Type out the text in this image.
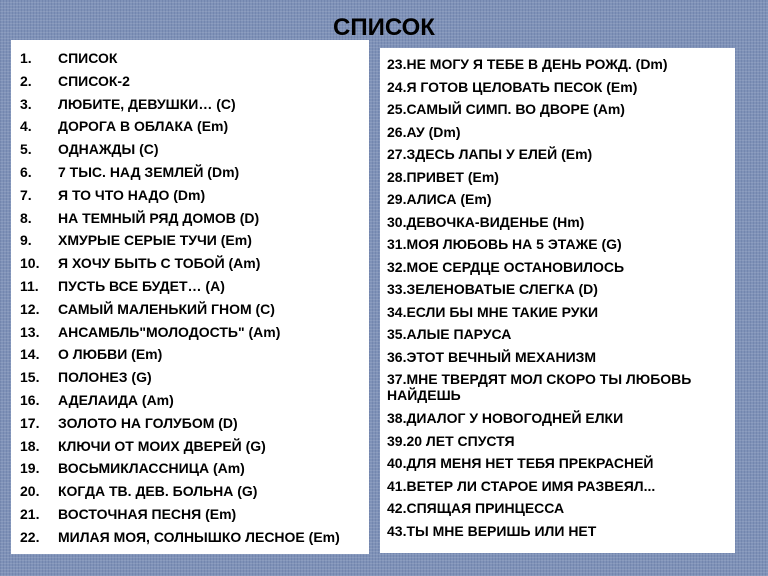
СПИСОК
1.	СПИСОК
2.	СПИСОК-2
3.	ЛЮБИТЕ, ДЕВУШКИ… (C)
4.	ДОРОГА В ОБЛАКА (Em)
5.	ОДНАЖДЫ (C)
6.	7 ТЫС. НАД ЗЕМЛЕЙ (Dm)
7.	Я ТО ЧТО НАДО (Dm)
8.	НА ТЕМНЫЙ РЯД ДОМОВ (D)
9.	ХМУРЫЕ СЕРЫЕ ТУЧИ (Em)
10.	Я ХОЧУ БЫТЬ С ТОБОЙ (Am)
11.	ПУСТЬ ВСЕ БУДЕТ… (A)
12.	САМЫЙ МАЛЕНЬКИЙ ГНОМ (C)
13.	АНСАМБЛЬ"МОЛОДОСТЬ" (Am)
14.	О ЛЮБВИ (Em)
15.	ПОЛОНЕЗ (G)
16.	АДЕЛАИДА (Am)
17.	ЗОЛОТО НА ГОЛУБОМ (D)
18.	КЛЮЧИ ОТ МОИХ ДВЕРЕЙ (G)
19.	ВОСЬМИКЛАССНИЦА (Am)
20.	КОГДА ТВ. ДЕВ. БОЛЬНА (G)
21.	ВОСТОЧНАЯ ПЕСНЯ (Em)
22.	МИЛАЯ МОЯ, СОЛНЫШКО ЛЕСНОЕ (Em)
23.НЕ МОГУ Я ТЕБЕ В ДЕНЬ РОЖД. (Dm)
24.Я ГОТОВ ЦЕЛОВАТЬ ПЕСОК (Em)
25.САМЫЙ СИМП. ВО ДВОРЕ (Am)
26.АУ (Dm)
27.ЗДЕСЬ ЛАПЫ У ЕЛЕЙ (Em)
28.ПРИВЕТ (Em)
29.АЛИСА (Em)
30.ДЕВОЧКА-ВИДЕНЬЕ (Hm)
31.МОЯ ЛЮБОВЬ НА 5 ЭТАЖЕ (G)
32.МОЕ СЕРДЦЕ ОСТАНОВИЛОСЬ
33.ЗЕЛЕНОВАТЫЕ СЛЕГКА (D)
34.ЕСЛИ БЫ МНЕ ТАКИЕ РУКИ
35.АЛЫЕ ПАРУСА
36.ЭТОТ ВЕЧНЫЙ МЕХАНИЗМ
37.МНЕ ТВЕРДЯТ МОЛ СКОРО ТЫ ЛЮБОВЬ НАЙДЕШЬ
38.ДИАЛОГ У НОВОГОДНЕЙ ЕЛКИ
39.20 ЛЕТ СПУСТЯ
40.ДЛЯ МЕНЯ НЕТ ТЕБЯ ПРЕКРАСНЕЙ
41.ВЕТЕР ЛИ СТАРОЕ ИМЯ РАЗВЕЯЛ...
42.СПЯЩАЯ ПРИНЦЕССА
43.ТЫ МНЕ ВЕРИШЬ ИЛИ НЕТ
